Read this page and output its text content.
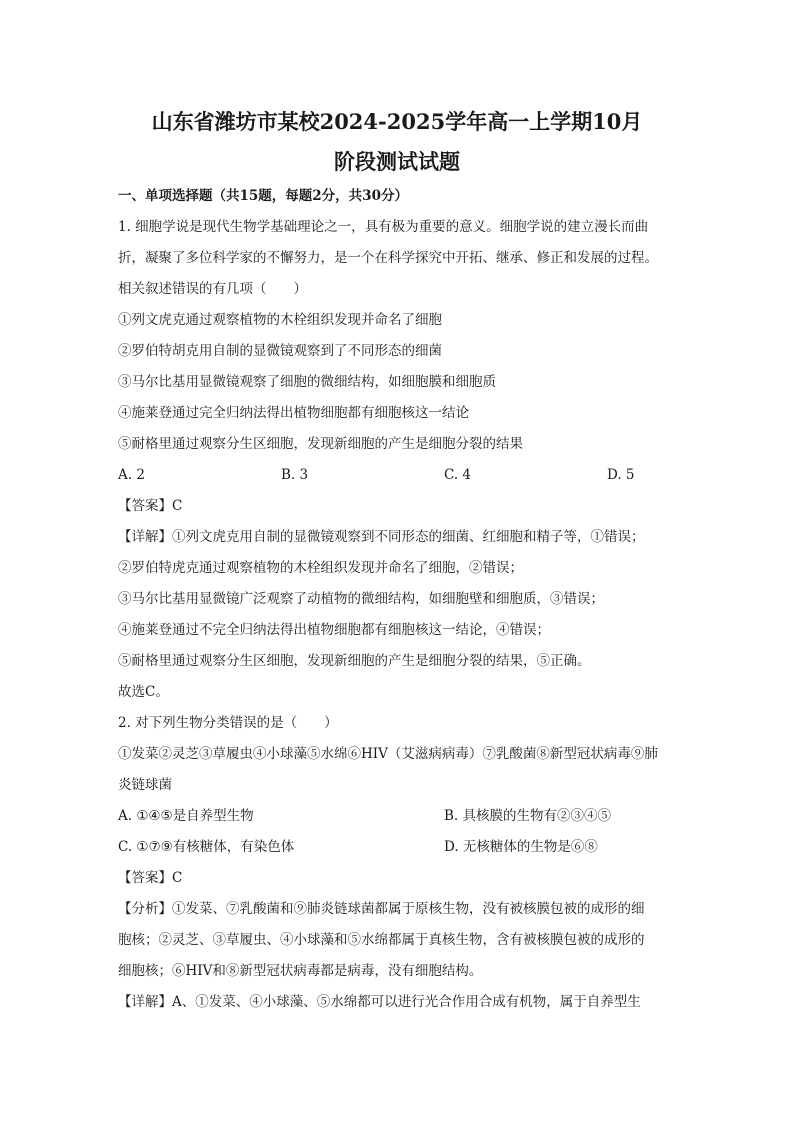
山东省潍坊市某校2024-2025学年高一上学期10月
阶段测试试题
一、单项选择题（共15题，每题2分，共30分）
1. 细胞学说是现代生物学基础理论之一，具有极为重要的意义。细胞学说的建立漫长而曲
折，凝聚了多位科学家的不懈努力，是一个在科学探究中开拓、继承、修正和发展的过程。
相关叙述错误的有几项（　　）
①列文虎克通过观察植物的木栓组织发现并命名了细胞
②罗伯特胡克用自制的显微镜观察到了不同形态的细菌
③马尔比基用显微镜观察了细胞的微细结构，如细胞膜和细胞质
④施莱登通过完全归纳法得出植物细胞都有细胞核这一结论
⑤耐格里通过观察分生区细胞，发现新细胞的产生是细胞分裂的结果
A. 2	B. 3	C. 4	D. 5
【答案】C
【详解】①列文虎克用自制的显微镜观察到不同形态的细菌、红细胞和精子等，①错误；
②罗伯特虎克通过观察植物的木栓组织发现并命名了细胞，②错误；
③马尔比基用显微镜广泛观察了动植物的微细结构，如细胞壁和细胞质，③错误；
④施莱登通过不完全归纳法得出植物细胞都有细胞核这一结论，④错误；
⑤耐格里通过观察分生区细胞，发现新细胞的产生是细胞分裂的结果，⑤正确。
故选C。
2. 对下列生物分类错误的是（　　）
①发菜②灵芝③草履虫④小球藻⑤水绵⑥HIV（艾滋病病毒）⑦乳酸菌⑧新型冠状病毒⑨肺
炎链球菌
A. ①④⑤是自养型生物	B. 具核膜的生物有②③④⑤
C. ①⑦⑨有核糖体，有染色体	D. 无核糖体的生物是⑥⑧
【答案】C
【分析】①发菜、⑦乳酸菌和⑨肺炎链球菌都属于原核生物，没有被核膜包被的成形的细
胞核；②灵芝、③草履虫、④小球藻和⑤水绵都属于真核生物，含有被核膜包被的成形的
细胞核；⑥HIV和⑧新型冠状病毒都是病毒，没有细胞结构。
【详解】A、①发菜、④小球藻、⑤水绵都可以进行光合作用合成有机物，属于自养型生
